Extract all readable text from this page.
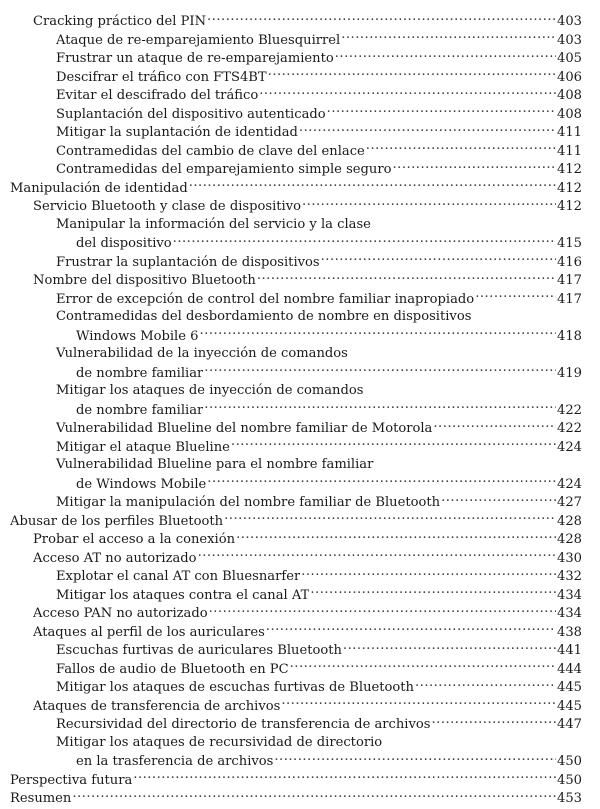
Cracking práctico del PIN .....	403
Ataque de re-emparejamiento Bluesquirrel .....	403
Frustrar un ataque de re-emparejamiento .....	405
Descifrar el tráfico con FTS4BT .....	406
Evitar el descifrado del tráfico .....	408
Suplantación del dispositivo autenticado .....	408
Mitigar la suplantación de identidad .....	411
Contramedidas del cambio de clave del enlace .....	411
Contramedidas del emparejamiento simple seguro .....	412
Manipulación de identidad .....	412
Servicio Bluetooth y clase de dispositivo .....	412
Manipular la información del servicio y la clase
del dispositivo .....	415
Frustrar la suplantación de dispositivos .....	416
Nombre del dispositivo Bluetooth .....	417
Error de excepción de control del nombre familiar inapropiado .....	417
Contramedidas del desbordamiento de nombre en dispositivos
Windows Mobile 6 .....	418
Vulnerabilidad de la inyección de comandos
de nombre familiar .....	419
Mitigar los ataques de inyección de comandos
de nombre familiar .....	422
Vulnerabilidad Blueline del nombre familiar de Motorola .....	422
Mitigar el ataque Blueline .....	424
Vulnerabilidad Blueline para el nombre familiar
de Windows Mobile .....	424
Mitigar la manipulación del nombre familiar de Bluetooth .....	427
Abusar de los perfiles Bluetooth .....	428
Probar el acceso a la conexión .....	428
Acceso AT no autorizado .....	430
Explotar el canal AT con Bluesnarfer .....	432
Mitigar los ataques contra el canal AT .....	434
Acceso PAN no autorizado .....	434
Ataques al perfil de los auriculares .....	438
Escuchas furtivas de auriculares Bluetooth .....	441
Fallos de audio de Bluetooth en PC .....	444
Mitigar los ataques de escuchas furtivas de Bluetooth .....	445
Ataques de transferencia de archivos .....	445
Recursividad del directorio de transferencia de archivos .....	447
Mitigar los ataques de recursividad de directorio
en la trasferencia de archivos .....	450
Perspectiva futura .....	450
Resumen .....	453
